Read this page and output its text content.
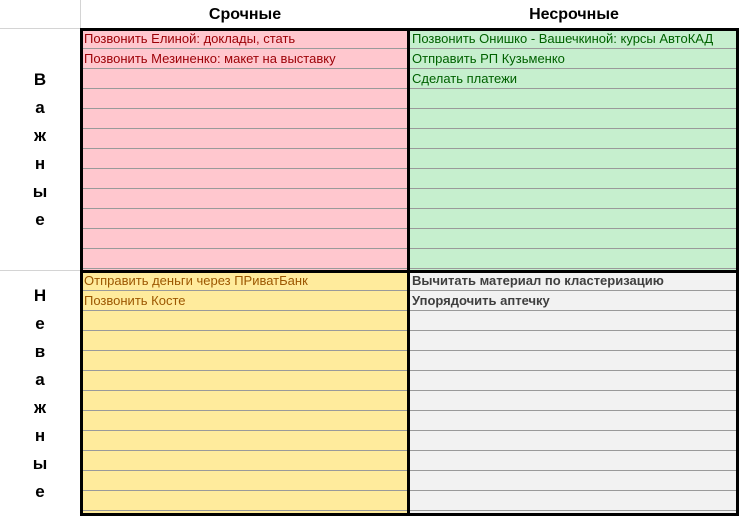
Срочные	Несрочные
В
а
ж
н
ы
е
Н
е
в
а
ж
н
ы
е
Позвонить Елиной: доклады, стать
Позвонить Мезиненко: макет на выставку
Позвонить Онишко - Вашечкиной: курсы АвтоКАД
Отправить РП Кузьменко
Сделать платежи
Отправить деньги через ПРиватБанк
Позвонить Косте
Вычитать материал по кластеризацию
Упорядочить аптечку
